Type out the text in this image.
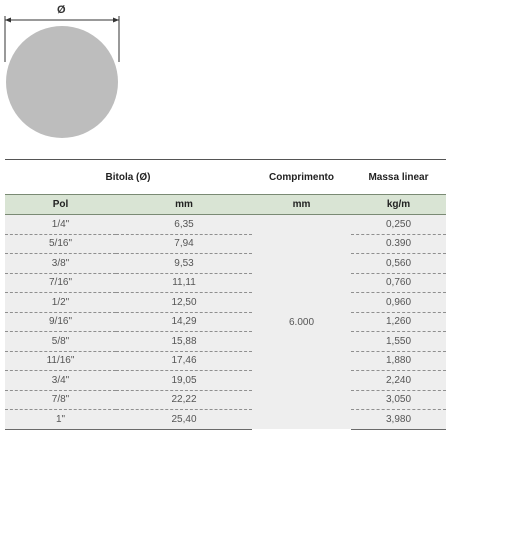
Ø
Bitola (Ø)		Comprimento	Massa linear
Pol	mm	mm	kg/m
1/4"	6,35	6.000	0,250
5/16"	7,94		0.390
3/8"	9,53		0,560
7/16"	11,11		0,760
1/2"	12,50		0,960
9/16"	14,29		1,260
5/8"	15,88		1,550
11/16"	17,46		1,880
3/4"	19,05		2,240
7/8"	22,22		3,050
1"	25,40		3,980
